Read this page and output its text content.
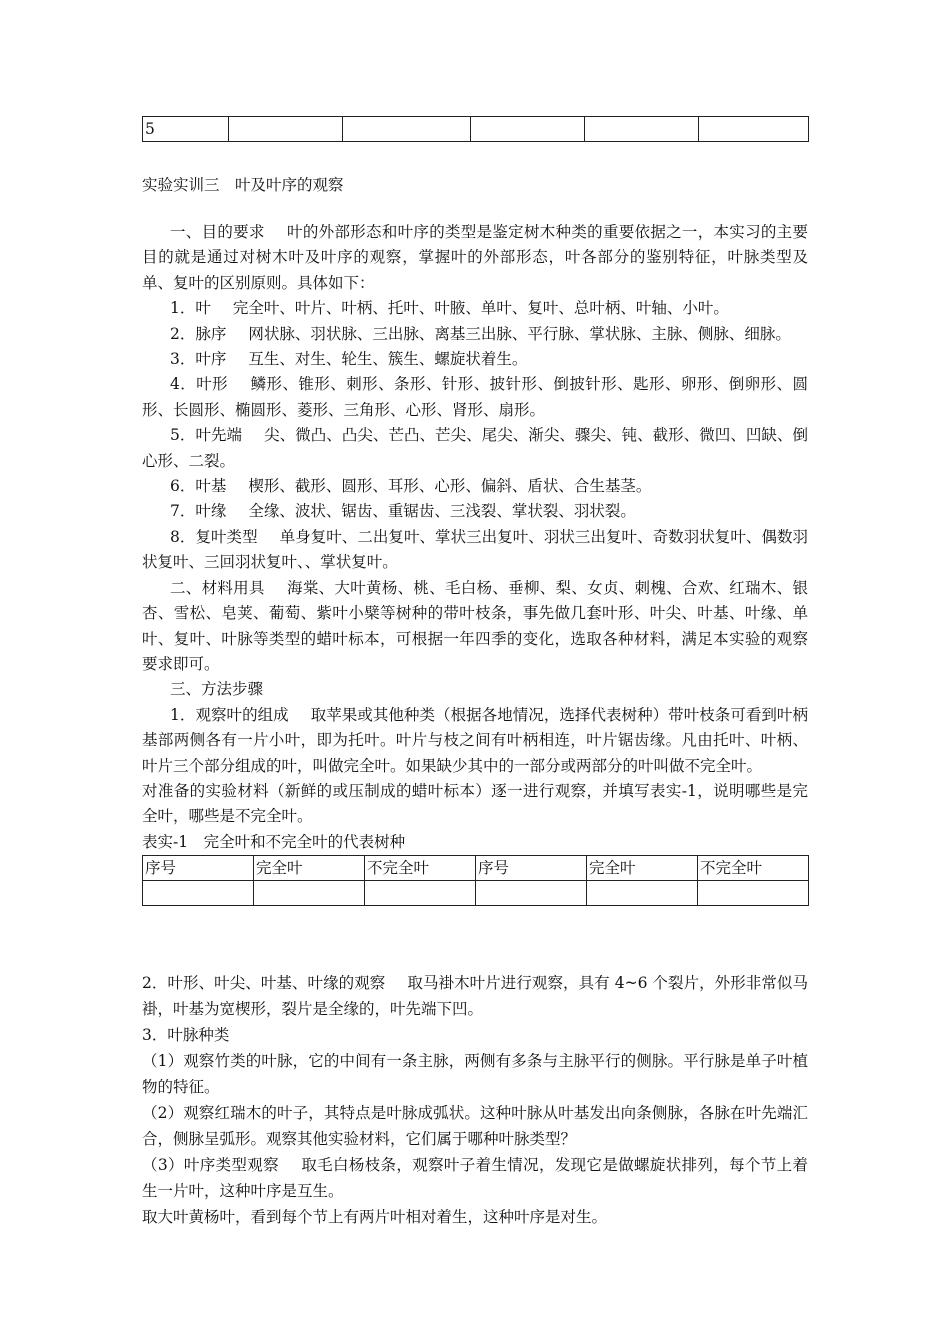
5					
实验实训三　叶及叶序的观察

一、目的要求 叶的外部形态和叶序的类型是鉴定树木种类的重要依据之一，本实习的主要目的就是通过对树木叶及叶序的观察，掌握叶的外部形态，叶各部分的鉴别特征，叶脉类型及单、复叶的区别原则。具体如下：

1．叶 完全叶、叶片、叶柄、托叶、叶腋、单叶、复叶、总叶柄、叶轴、小叶。

2．脉序 网状脉、羽状脉、三出脉、离基三出脉、平行脉、掌状脉、主脉、侧脉、细脉。

3．叶序 互生、对生、轮生、簇生、螺旋状着生。

4．叶形 鳞形、锥形、刺形、条形、针形、披针形、倒披针形、匙形、卵形、倒卵形、圆形、长圆形、椭圆形、菱形、三角形、心形、肾形、扇形。

5．叶先端 尖、微凸、凸尖、芒凸、芒尖、尾尖、渐尖、骤尖、钝、截形、微凹、凹缺、倒心形、二裂。

6．叶基 楔形、截形、圆形、耳形、心形、偏斜、盾状、合生基茎。

7．叶缘 全缘、波状、锯齿、重锯齿、三浅裂、掌状裂、羽状裂。

8．复叶类型 单身复叶、二出复叶、掌状三出复叶、羽状三出复叶、奇数羽状复叶、偶数羽状复叶、三回羽状复叶、、掌状复叶。

二、材料用具 海棠、大叶黄杨、桃、毛白杨、垂柳、梨、女贞、刺槐、合欢、红瑞木、银杏、雪松、皂荚、葡萄、紫叶小檗等树种的带叶枝条，事先做几套叶形、叶尖、叶基、叶缘、单叶、复叶、叶脉等类型的蜡叶标本，可根据一年四季的变化，选取各种材料，满足本实验的观察要求即可。

三、方法步骤

1．观察叶的组成 取苹果或其他种类（根据各地情况，选择代表树种）带叶枝条可看到叶柄基部两侧各有一片小叶，即为托叶。叶片与枝之间有叶柄相连，叶片锯齿缘。凡由托叶、叶柄、叶片三个部分组成的叶，叫做完全叶。如果缺少其中的一部分或两部分的叶叫做不完全叶。

对准备的实验材料（新鲜的或压制成的蜡叶标本）逐一进行观察，并填写表实-1，说明哪些是完全叶，哪些是不完全叶。

表实-1　完全叶和不完全叶的代表树种

序号	完全叶	不完全叶	序号	完全叶	不完全叶

2．叶形、叶尖、叶基、叶缘的观察 取马褂木叶片进行观察，具有 4~6 个裂片，外形非常似马褂，叶基为宽楔形，裂片是全缘的，叶先端下凹。

3．叶脉种类

（1）观察竹类的叶脉，它的中间有一条主脉，两侧有多条与主脉平行的侧脉。平行脉是单子叶植物的特征。

（2）观察红瑞木的叶子，其特点是叶脉成弧状。这种叶脉从叶基发出向条侧脉，各脉在叶先端汇合，侧脉呈弧形。观察其他实验材料，它们属于哪种叶脉类型？

（3）叶序类型观察 取毛白杨枝条，观察叶子着生情况，发现它是做螺旋状排列，每个节上着生一片叶，这种叶序是互生。

取大叶黄杨叶，看到每个节上有两片叶相对着生，这种叶序是对生。
